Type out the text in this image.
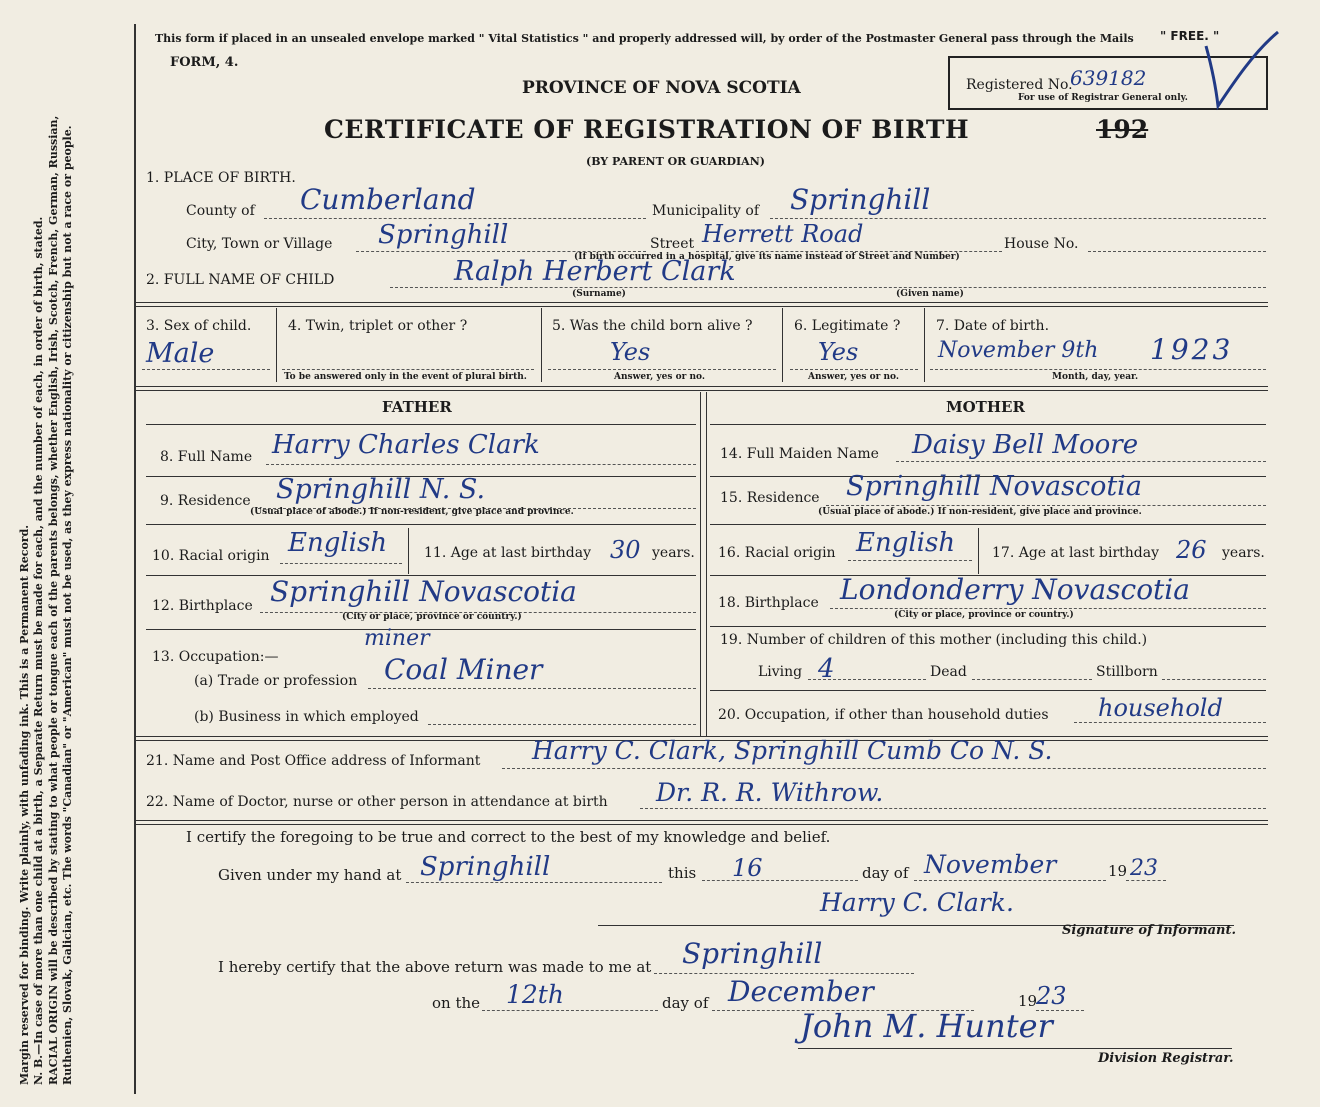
Margin reserved for binding. Write plainly, with unfading ink. This is a Permanent Record. N. B.—In case of more than one child at a birth, a Separate Return must be made for each, and the number of each, in order of birth, stated. RACIAL ORIGIN will be described by stating to what people or tongue each of the parents belongs, whether English, Irish, Scotch, French, German, Russian, Ruthenien, Slovak, Galician, etc. The words "Canadian" or "American" must not be used, as they express nationality or citizenship but not a race or people.
This form if placed in an unsealed envelope marked " Vital Statistics " and properly addressed will, by order of the Postmaster General pass through the Mails " FREE. "
FORM, 4.
PROVINCE OF NOVA SCOTIA
CERTIFICATE OF REGISTRATION OF BIRTH	192
(BY PARENT OR GUARDIAN)
Registered No.
639182
For use of Registrar General only.
1. PLACE OF BIRTH.
County of Cumberland	Municipality of Springhill
City, Town or Village Springhill	Street Herrett Road	House No.
(If birth occurred in a hospital, give its name instead of Street and Number)
2. FULL NAME OF CHILD	Ralph Herbert Clark
(Surname)	(Given name)
3. Sex of child.
Male
4. Twin, triplet or other ?
To be answered only in the event of plural birth.
5. Was the child born alive ?
Yes
Answer, yes or no.
6. Legitimate ?
Yes
Answer, yes or no.
7. Date of birth.
November 9th 1923
Month, day, year.
FATHER	MOTHER
8. Full Name Harry Charles Clark	14. Full Maiden Name Daisy Bell Moore
9. Residence Springhill N. S.
(Usual place of abode.) If non-resident, give place and province.
15. Residence Springhill Novascotia
(Usual place of abode.) If non-resident, give place and province.
10. Racial origin English	11. Age at last birthday 30 years. 16. Racial origin English	17. Age at last birthday 26 years.
12. Birthplace Springhill Novascotia
(City or place, province or country.)
18. Birthplace Londonderry Novascotia
(City or place, province or country.)
13. Occupation:—
miner
(a) Trade or profession Coal Miner
(b) Business in which employed
19. Number of children of this mother (including this child.)
Living 4	Dead	Stillborn
20. Occupation, if other than household duties household
21. Name and Post Office address of Informant Harry C. Clark, Springhill Cumb Co N. S.
22. Name of Doctor, nurse or other person in attendance at birth Dr. R. R. Withrow.
I certify the foregoing to be true and correct to the best of my knowledge and belief.
Given under my hand at Springhill	this 16	day of November	19 23
Harry C. Clark.
Signature of Informant.
I hereby certify that the above return was made to me at Springhill
on the 12th	day of December	19
23
John M. Hunter
Division Registrar.
